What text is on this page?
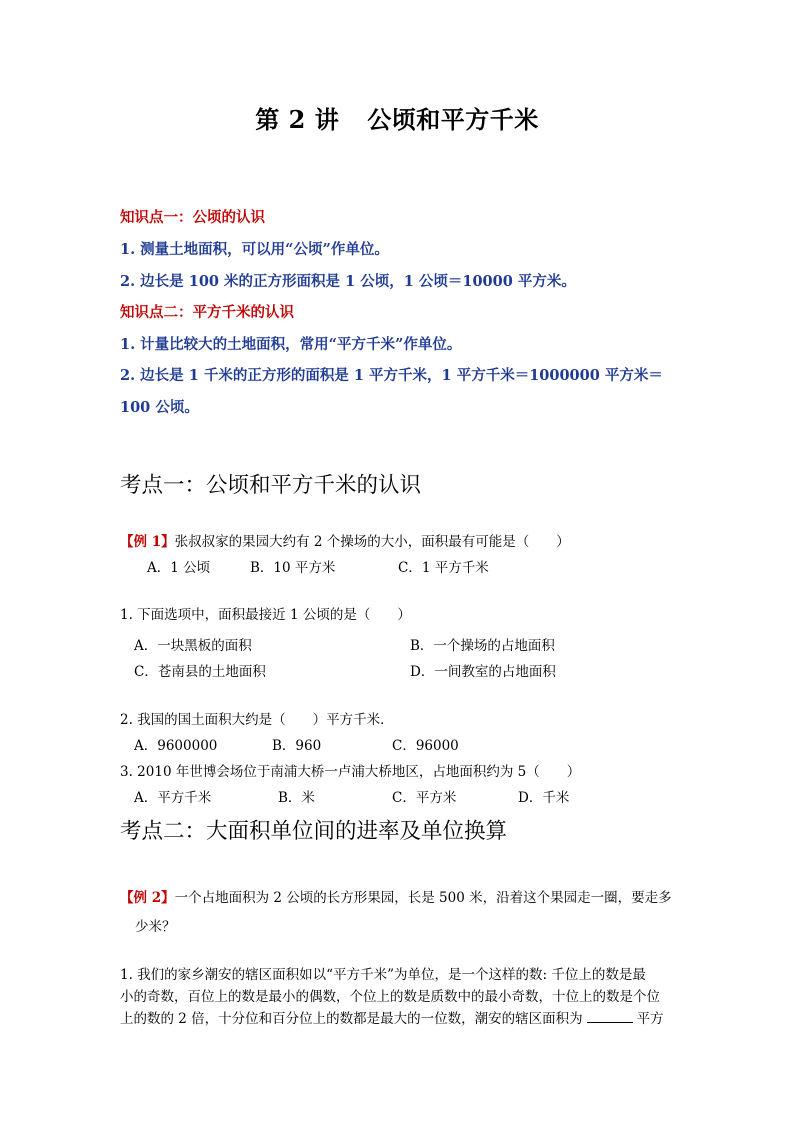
第 2 讲 公顷和平方千米
知识点一：公顷的认识
1. 测量土地面积，可以用“公顷”作单位。
2. 边长是 100 米的正方形面积是 1 公顷，1 公顷＝10000 平方米。
知识点二：平方千米的认识
1. 计量比较大的土地面积，常用“平方千米”作单位。
2. 边长是 1 千米的正方形的面积是 1 平方千米，1 平方千米＝1000000 平方米＝
100 公顷。
考点一：公顷和平方千米的认识
【例 1】张叔叔家的果园大约有 2 个操场的大小，面积最有可能是（　　）
A．1 公顷	B．10 平方米	C．1 平方千米
1. 下面选项中，面积最接近 1 公顷的是（　　）
A．一块黑板的面积	B．一个操场的占地面积
C．苍南县的土地面积	D．一间教室的占地面积
2. 我国的国土面积大约是（　　）平方千米．
A．9600000	B．960	C．96000
3. 2010 年世博会场位于南浦大桥一卢浦大桥地区，占地面积约为 5（　　）
A．平方千米	B．米	C．平方米	D．千米
考点二：大面积单位间的进率及单位换算
【例 2】一个占地面积为 2 公顷的长方形果园，长是 500 米，沿着这个果园走一圈，要走多
少米？
1. 我们的家乡潮安的辖区面积如以“平方千米”为单位，是一个这样的数: 千位上的数是最
小的奇数，百位上的数是最小的偶数，个位上的数是质数中的最小奇数，十位上的数是个位
上的数的 2 倍，十分位和百分位上的数都是最大的一位数，潮安的辖区面积为	平方
